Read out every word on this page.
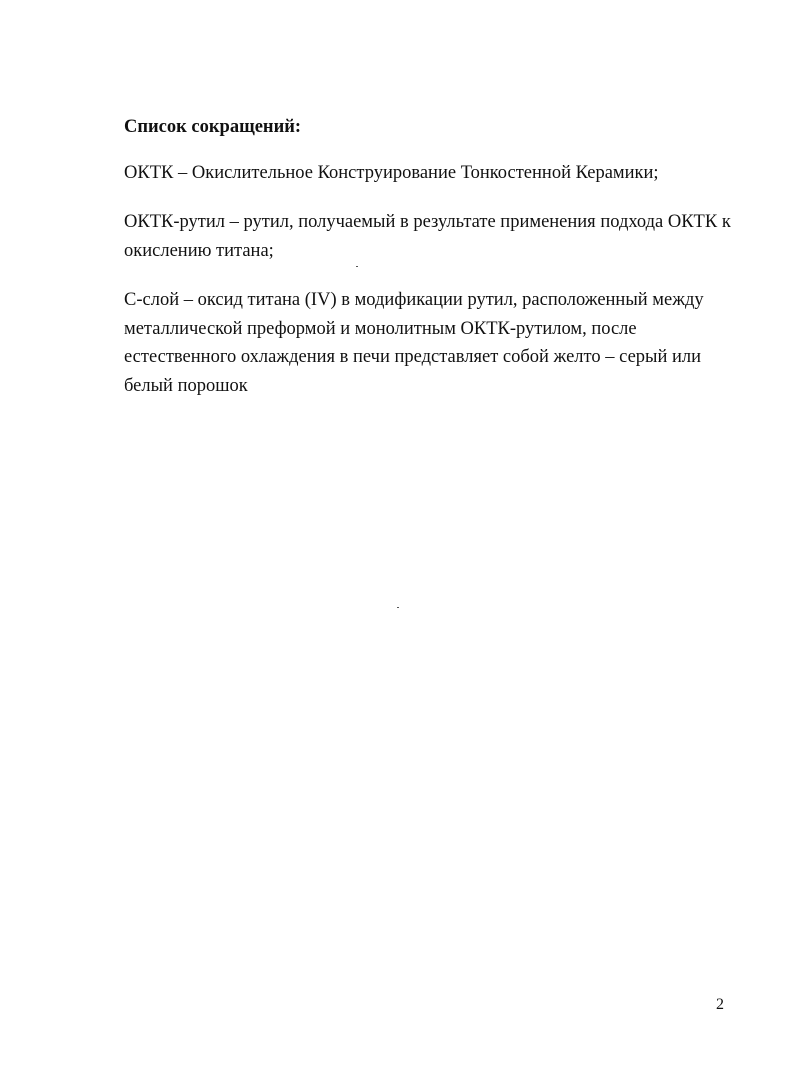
Список сокращений:

ОКТК – Окислительное Конструирование Тонкостенной Керамики;

ОКТК-рутил – рутил, получаемый в результате применения подхода ОКТК к окислению титана;

С-слой – оксид титана (IV) в модификации рутил, расположенный между металлической преформой и монолитным ОКТК-рутилом, после естественного охлаждения в печи представляет собой желто – серый или белый порошок

2
